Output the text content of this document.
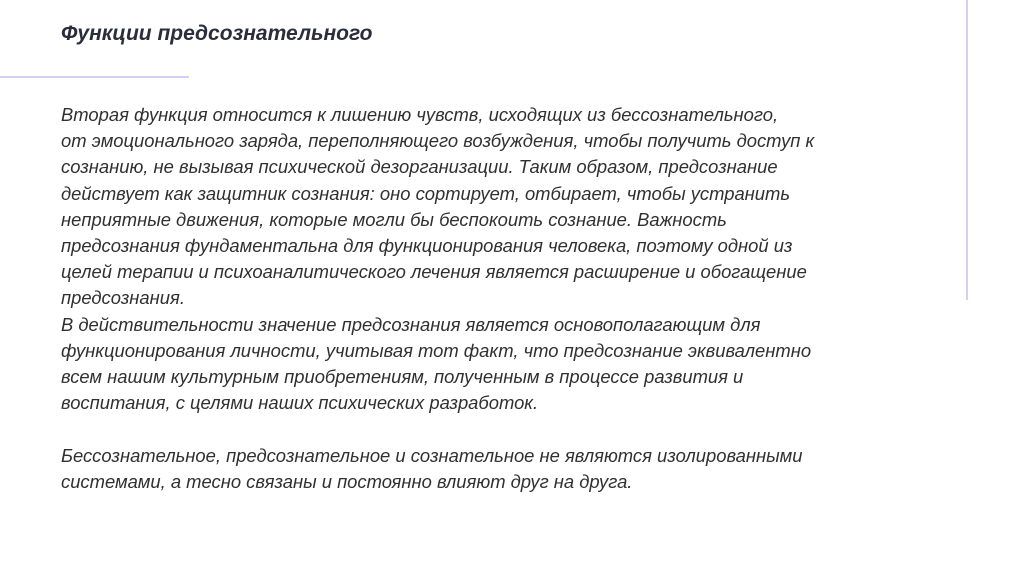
Функции предсознательного

Вторая функция относится к лишению чувств, исходящих из бессознательного,

от эмоционального заряда, переполняющего возбуждения, чтобы получить доступ к

сознанию, не вызывая психической дезорганизации. Таким образом, предсознание

действует как защитник сознания: оно сортирует, отбирает, чтобы устранить

неприятные движения, которые могли бы беспокоить сознание. Важность

предсознания фундаментальна для функционирования человека, поэтому одной из

целей терапии и психоаналитического лечения является расширение и обогащение

предсознания.

В действительности значение предсознания является основополагающим для

функционирования личности, учитывая тот факт, что предсознание эквивалентно

всем нашим культурным приобретениям, полученным в процессе развития и

воспитания, с целями наших психических разработок.

Бессознательное, предсознательное и сознательное не являются изолированными

системами, а тесно связаны и постоянно влияют друг на друга.
